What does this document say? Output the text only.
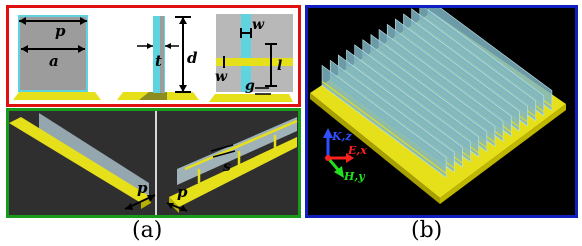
p
a	t d
w
w
l
g
p
s
p
(a)
K,z
E,x
H,y
(b)
